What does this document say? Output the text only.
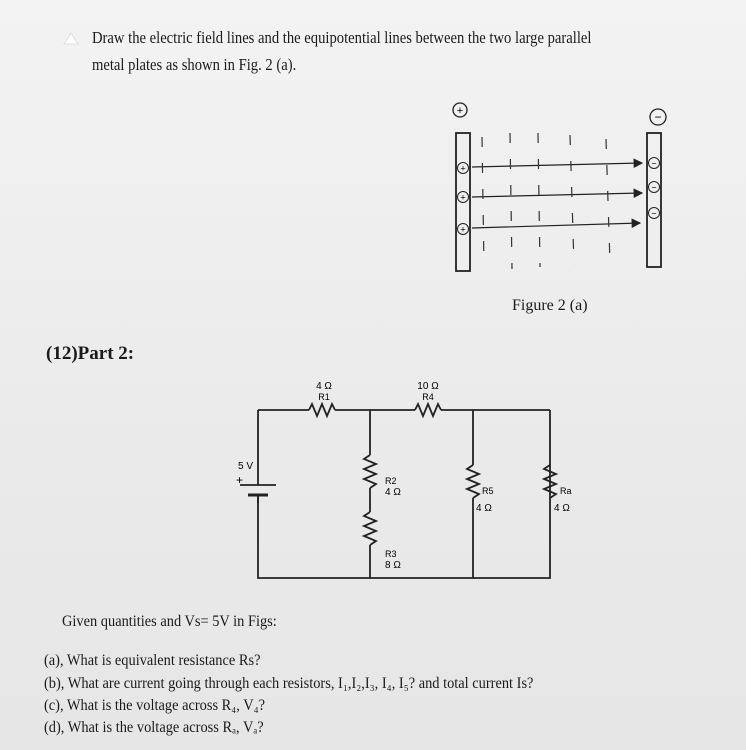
Draw the electric field lines and the equipotential lines between the two large parallel
metal plates as shown in Fig. 2 (a).
+
+
+
−
−
−
+	−
Figure 2 (a)
(12)Part 2:
5 V
+
4 Ω
R1
10 Ω
R4
R2
4 Ω
R3
8 Ω
R5
4 Ω
Ra
4 Ω
Given quantities and Vs= 5V in Figs:
(a), What is equivalent resistance Rs?
(b), What are current going through each resistors, I₁,I₂,I₃, I₄, I₅? and total current Is?
(c), What is the voltage across R₄, V₄?
(d), What is the voltage across Rₐ, Vₐ?
